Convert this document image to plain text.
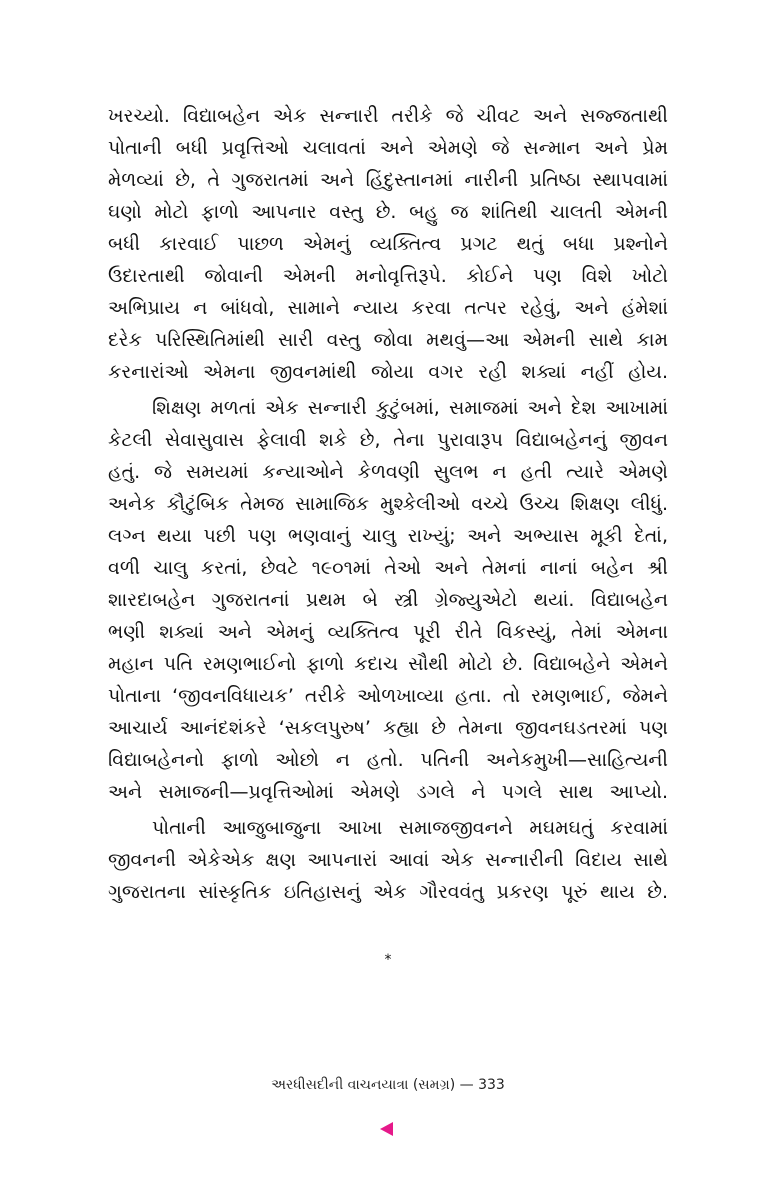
ખરચ્યો. વિદ્યાબહેન એક સન્નારી તરીકે જે ચીવટ અને સજ્જતાથી
પોતાની બધી પ્રવૃત્તિઓ ચલાવતાં અને એમણે જે સન્માન અને પ્રેમ
મેળવ્યાં છે, તે ગુજરાતમાં અને હિંદુસ્તાનમાં નારીની પ્રતિષ્ઠા સ્થાપવામાં
ઘણો મોટો ફાળો આપનાર વસ્તુ છે. બહુ જ શાંતિથી ચાલતી એમની
બધી કારવાઈ પાછળ એમનું વ્યક્તિત્વ પ્રગટ થતું બધા પ્રશ્નોને
ઉદારતાથી જોવાની એમની મનોવૃત્તિરૂપે. કોઈને પણ વિશે ખોટો
અભિપ્રાય ન બાંધવો, સામાને ન્યાય કરવા તત્પર રહેવું, અને હંમેશાં
દરેક પરિસ્થિતિમાંથી સારી વસ્તુ જોવા મથવું—આ એમની સાથે કામ
કરનારાંઓ એમના જીવનમાંથી જોયા વગર રહી શક્યાં નહીં હોય.
શિક્ષણ મળતાં એક સન્નારી કુટુંબમાં, સમાજમાં અને દેશ આખામાં
કેટલી સેવાસુવાસ ફેલાવી શકે છે, તેના પુરાવારૂપ વિદ્યાબહેનનું જીવન
હતું. જે સમયમાં કન્યાઓને કેળવણી સુલભ ન હતી ત્યારે એમણે
અનેક કૌટુંબિક તેમજ સામાજિક મુશ્કેલીઓ વચ્ચે ઉચ્ચ શિક્ષણ લીધું.
લગ્ન થયા પછી પણ ભણવાનું ચાલુ રાખ્યું; અને અભ્યાસ મૂકી દેતાં,
વળી ચાલુ કરતાં, છેવટે ૧૯૦૧માં તેઓ અને તેમનાં નાનાં બહેન શ્રી
શારદાબહેન ગુજરાતનાં પ્રથમ બે સ્ત્રી ગ્રેજ્યુએટો થયાં. વિદ્યાબહેન
ભણી શક્યાં અને એમનું વ્યક્તિત્વ પૂરી રીતે વિકસ્યું, તેમાં એમના
મહાન પતિ રમણભાઈનો ફાળો કદાચ સૌથી મોટો છે. વિદ્યાબહેને એમને
પોતાના ‘જીવનવિધાયક’ તરીકે ઓળખાવ્યા હતા. તો રમણભાઈ, જેમને
આચાર્ય આનંદશંકરે ‘સકલપુરુષ’ કહ્યા છે તેમના જીવનઘડતરમાં પણ
વિદ્યાબહેનનો ફાળો ઓછો ન હતો. પતિની અનેકમુખી—સાહિત્યની
અને સમાજની—પ્રવૃત્તિઓમાં એમણે ડગલે ને પગલે સાથ આપ્યો.
પોતાની આજુબાજુના આખા સમાજજીવનને મઘમઘતું કરવામાં
જીવનની એકેએક ક્ષણ આપનારાં આવાં એક સન્નારીની વિદાય સાથે
ગુજરાતના સાંસ્કૃતિક ઇતિહાસનું એક ગૌરવવંતુ પ્રકરણ પૂરું થાય છે.
*
અરધીસદીની વાચનયાત્રા (સમગ્ર) — 333
